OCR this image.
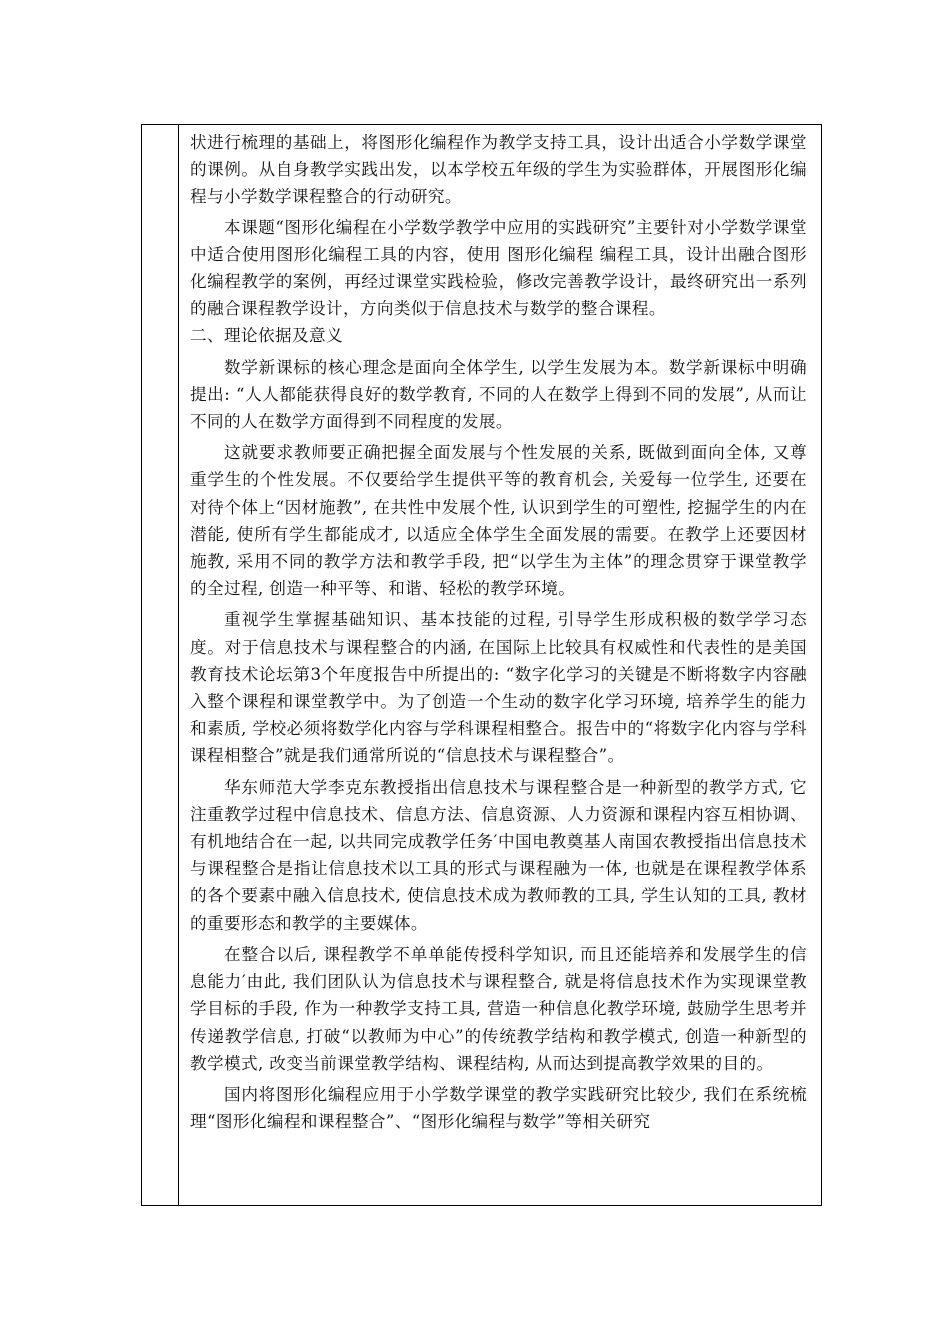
状进行梳理的基础上，将图形化编程作为教学支持工具，设计出适合小学数学课堂的课例。从自身教学实践出发，以本学校五年级的学生为实验群体，开展图形化编程与小学数学课程整合的行动研究。

本课题“图形化编程在小学数学教学中应用的实践研究”主要针对小学数学课堂中适合使用图形化编程工具的内容，使用 图形化编程 编程工具，设计出融合图形化编程教学的案例，再经过课堂实践检验，修改完善教学设计，最终研究出一系列的融合课程教学设计，方向类似于信息技术与数学的整合课程。

二、理论依据及意义

数学新课标的核心理念是面向全体学生, 以学生发展为本。数学新课标中明确提出: “人人都能获得良好的数学教育, 不同的人在数学上得到不同的发展”, 从而让不同的人在数学方面得到不同程度的发展。

这就要求教师要正确把握全面发展与个性发展的关系, 既做到面向全体, 又尊重学生的个性发展。不仅要给学生提供平等的教育机会, 关爱每一位学生, 还要在对待个体上“因材施教”, 在共性中发展个性, 认识到学生的可塑性, 挖掘学生的内在潜能, 使所有学生都能成才, 以适应全体学生全面发展的需要。在教学上还要因材施教, 采用不同的教学方法和教学手段, 把“以学生为主体”的理念贯穿于课堂教学的全过程, 创造一种平等、和谐、轻松的教学环境。

重视学生掌握基础知识、基本技能的过程, 引导学生形成积极的数学学习态度。对于信息技术与课程整合的内涵, 在国际上比较具有权威性和代表性的是美国教育技术论坛第3个年度报告中所提出的: “数字化学习的关键是不断将数字内容融入整个课程和课堂教学中。为了创造一个生动的数字化学习环境, 培养学生的能力和素质, 学校必须将数学化内容与学科课程相整合。报告中的“将数字化内容与学科课程相整合”就是我们通常所说的“信息技术与课程整合”。

华东师范大学李克东教授指出信息技术与课程整合是一种新型的教学方式, 它注重教学过程中信息技术、信息方法、信息资源、人力资源和课程内容互相协调、有机地结合在一起, 以共同完成教学任务′中国电教奠基人南国农教授指出信息技术与课程整合是指让信息技术以工具的形式与课程融为一体, 也就是在课程教学体系的各个要素中融入信息技术, 使信息技术成为教师教的工具, 学生认知的工具, 教材的重要形态和教学的主要媒体。

在整合以后, 课程教学不单单能传授科学知识, 而且还能培养和发展学生的信息能力′由此, 我们团队认为信息技术与课程整合, 就是将信息技术作为实现课堂教学目标的手段, 作为一种教学支持工具, 营造一种信息化教学环境, 鼓励学生思考并传递教学信息, 打破“以教师为中心”的传统教学结构和教学模式, 创造一种新型的教学模式, 改变当前课堂教学结构、课程结构, 从而达到提高教学效果的目的。

国内将图形化编程应用于小学数学课堂的教学实践研究比较少, 我们在系统梳理“图形化编程和课程整合”、“图形化编程与数学”等相关研究
